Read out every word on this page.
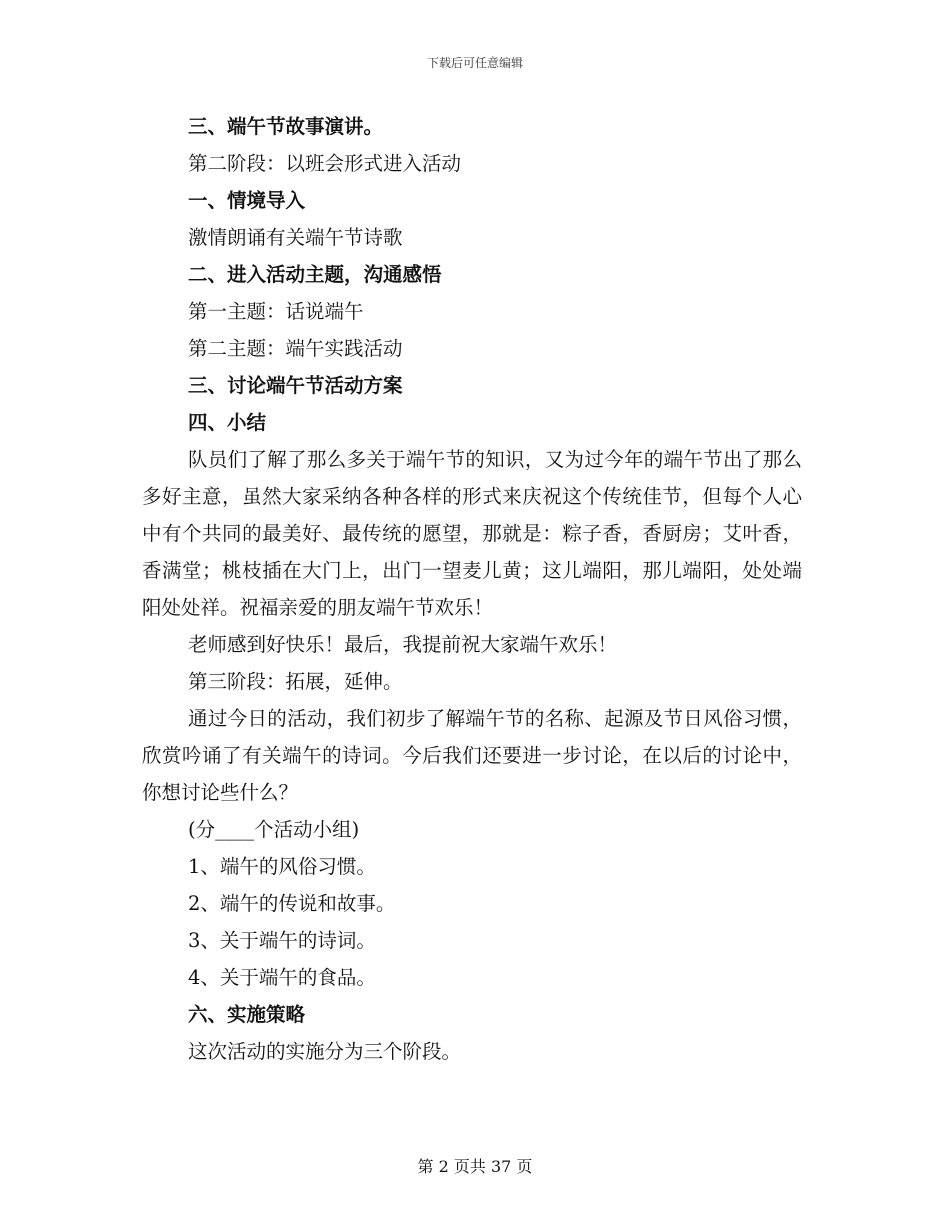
下载后可任意编辑
三、端午节故事演讲。
第二阶段：以班会形式进入活动
一、情境导入
激情朗诵有关端午节诗歌
二、进入活动主题，沟通感悟
第一主题：话说端午
第二主题：端午实践活动
三、讨论端午节活动方案
四、小结
队员们了解了那么多关于端午节的知识，又为过今年的端午节出了那么多好主意，虽然大家采纳各种各样的形式来庆祝这个传统佳节，但每个人心中有个共同的最美好、最传统的愿望，那就是：粽子香，香厨房；艾叶香，香满堂；桃枝插在大门上，出门一望麦儿黄；这儿端阳，那儿端阳，处处端阳处处祥。祝福亲爱的朋友端午节欢乐！
老师感到好快乐！最后，我提前祝大家端午欢乐！
第三阶段：拓展，延伸。
通过今日的活动，我们初步了解端午节的名称、起源及节日风俗习惯，欣赏吟诵了有关端午的诗词。今后我们还要进一步讨论，在以后的讨论中，你想讨论些什么？
(分____个活动小组)
1、端午的风俗习惯。
2、端午的传说和故事。
3、关于端午的诗词。
4、关于端午的食品。
六、实施策略
这次活动的实施分为三个阶段。
第 2 页共 37 页
